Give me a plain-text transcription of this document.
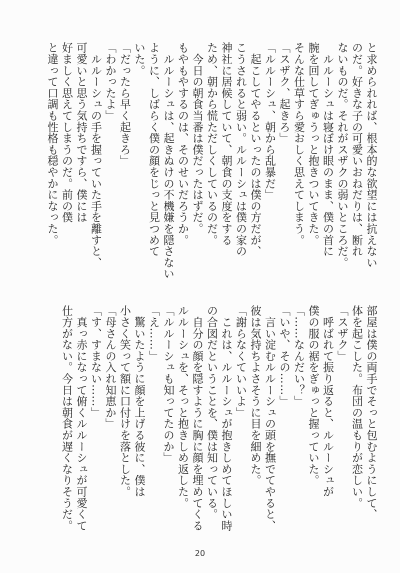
と求められれば、根本的な欲望には抗えない

のだ。好きな子の可愛いおねだりは、断れ

ないものだ。それがスザクの弱いところだ。

　ルルーシュは寝ぼけ眼のまま、僕の首に

腕を回してぎゅうっと抱きついてきた。

そんな仕草すら愛おしく思えてしまう。

「スザク、起きろ」

「ルルーシュ、朝から乱暴だ」

　起こしてやるといったのは僕の方だが、

こうされると弱い。ルルーシュは僕の家の

神社に居候していて、朝食の支度をする

ため、朝から慌ただしくしているのだ。

　今日の朝食当番は僕だったはずだ。

もやもやするのは、そのせいだろうか。

　ルルーシュは、起きぬけの不機嫌を隠さない

ように、しばらく僕の顔をじっと見つめて

いた。

「だったら早く起きろ」

「わかったよ」

　ルルーシュの手を握っていた手を離すと、

可愛いと思う気持ちですら、僕には

好ましく思えてしまうのだ。前の僕

と違って口調も性格も穏やかになった。

部屋は僕の両手でそっと包むようにして、

体を起こした。布団の温もりが恋しい。

「スザク」

　呼ばれて振り返ると、ルルーシュが

僕の服の裾をぎゅっと握っていた。

「……なんだい？」

「いや、その……」

　言い淀むルルーシュの頭を撫でてやると、

彼は気持ちよさそうに目を細めた。

「謝らなくていいよ」

　これは、ルルーシュが抱きしめてほしい時

の合図だということを、僕は知っている。

　自分の顔を隠すように胸に顔を埋めてくる

ルルーシュを、そっと抱きしめ返した。

「ルルーシュも知ってたのか」

「え……」

　驚いたように顔を上げる彼に、僕は

小さく笑って額に口付けを落とした。

「母さんの入れ知恵か」

「す、すまない……」

　真っ赤になって俯くルルーシュが可愛くて

仕方がない。今日は朝食が遅くなりそうだ。

20
